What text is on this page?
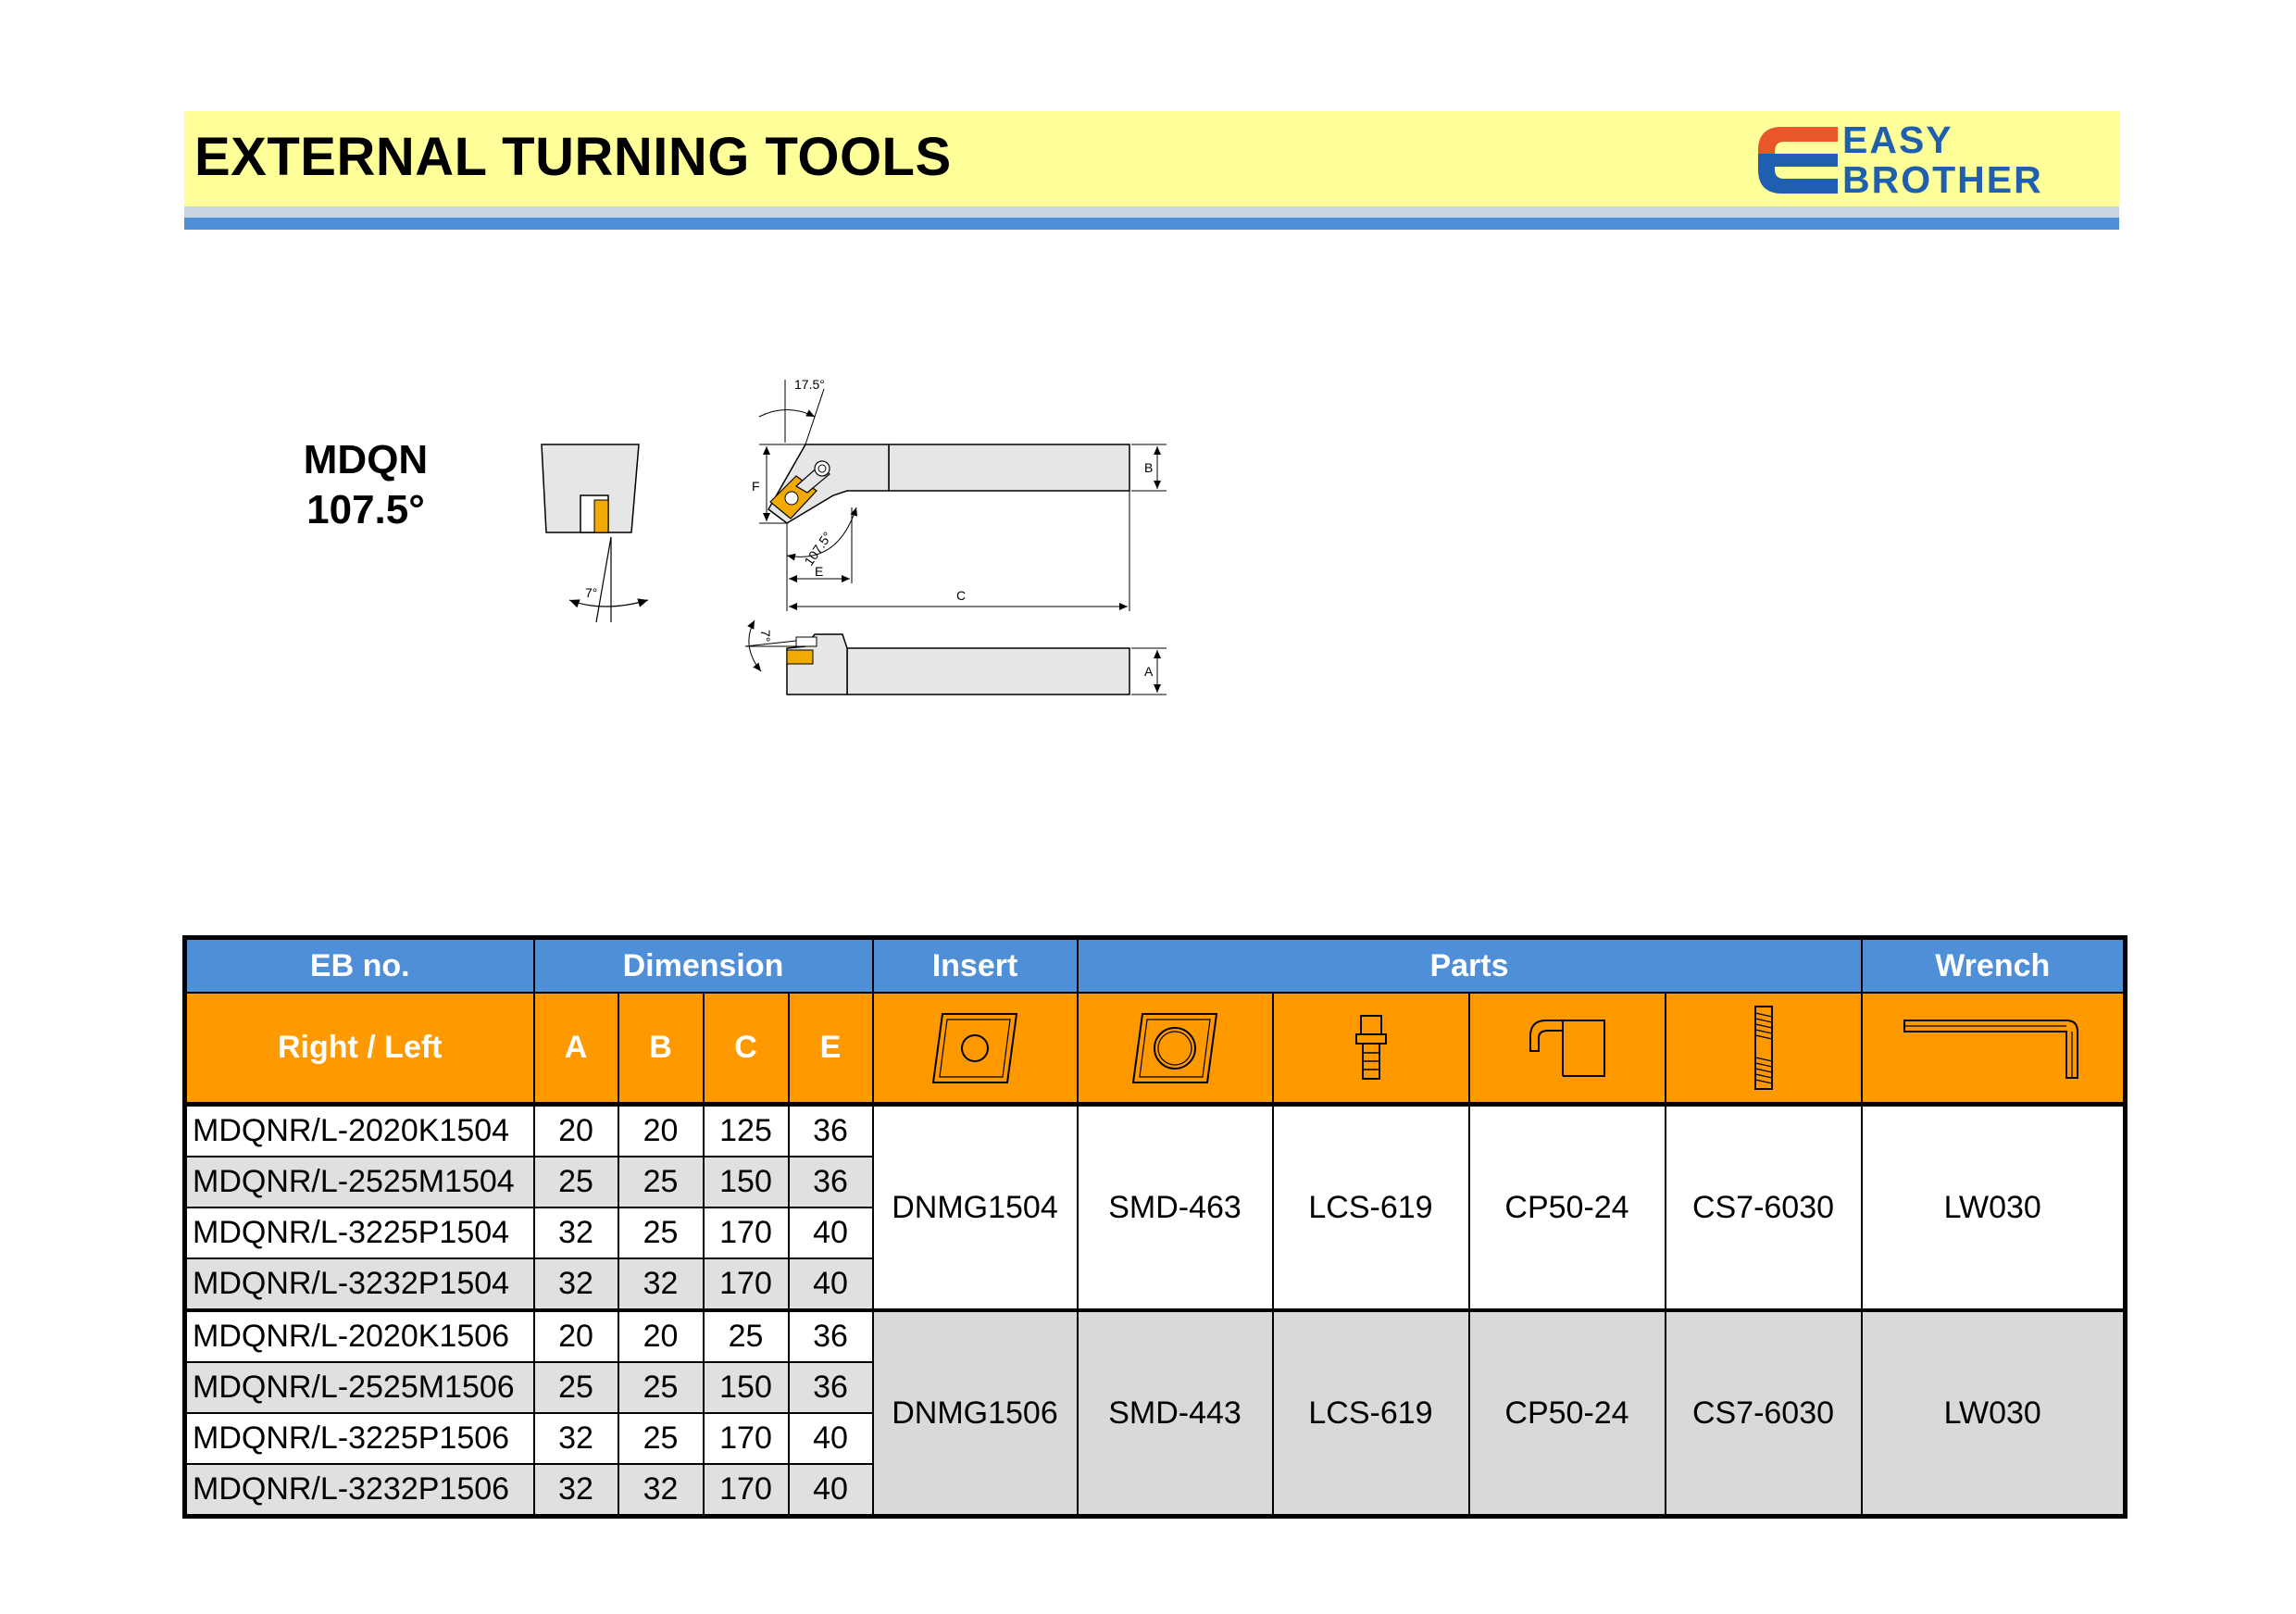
EXTERNAL TURNING TOOLS	EASY
BROTHER
MDQN
107.5°
7°
17.5°
F
B
107.5°
E
C
7°
A
EB no.	Dimension				Insert	Parts				Wrench
Right / Left	A	B	C	E	

MDQNR/L-2020K1504	20	20	125	36	DNMG1504	SMD-463	LCS-619	CP50-24	CS7-6030	LW030
MDQNR/L-2525M1504	25	25	150	36						
MDQNR/L-3225P1504	32	25	170	40						
MDQNR/L-3232P1504	32	32	170	40						
MDQNR/L-2020K1506	20	20	25	36	DNMG1506	SMD-443	LCS-619	CP50-24	CS7-6030	LW030
MDQNR/L-2525M1506	25	25	150	36						
MDQNR/L-3225P1506	32	25	170	40						
MDQNR/L-3232P1506	32	32	170	40						
